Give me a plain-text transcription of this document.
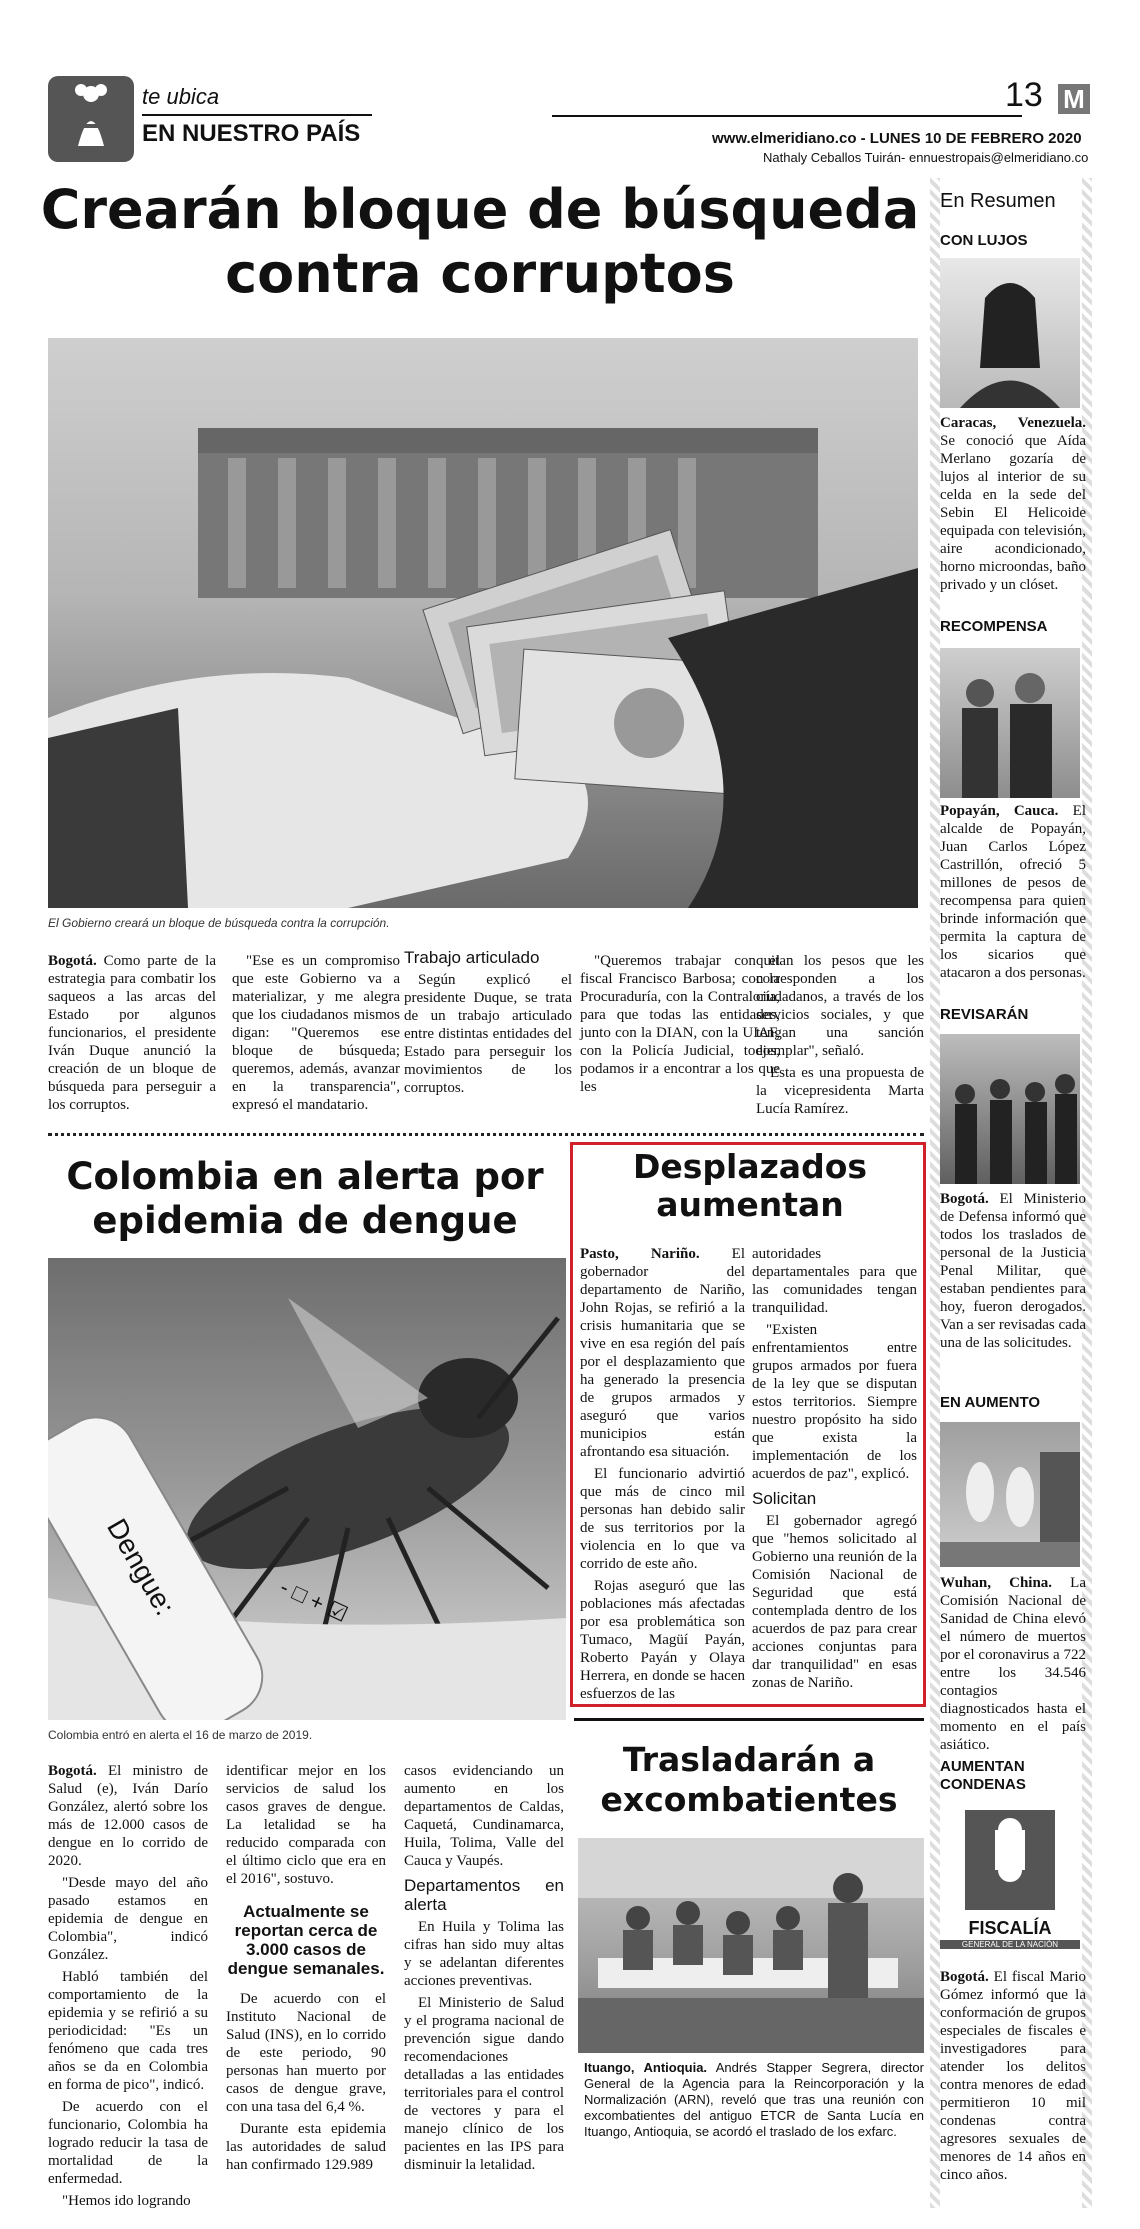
te ubica
EN NUESTRO PAÍS
13 M
www.elmeridiano.co - LUNES 10 DE FEBRERO 2020
Nathaly Ceballos Tuirán- ennuestropais@elmeridiano.co
Crearán bloque de búsqueda contra corruptos
El Gobierno creará un bloque de búsqueda contra la corrupción.

Bogotá. Como parte de la estrategia para combatir los saqueos a las arcas del Estado por algunos funcionarios, el presidente Iván Duque anunció la creación de un bloque de búsqueda para perseguir a los corruptos.

"Ese es un compromiso que este Gobierno va a materializar, y me alegra que los ciudadanos mismos digan: "Queremos ese bloque de búsqueda; queremos, además, avanzar en la transparencia", expresó el mandatario.

Trabajo articulado

Según explicó el presidente Duque, se trata de un trabajo articulado entre distintas entidades del Estado para perseguir los movimientos de los corruptos.

"Queremos trabajar con el fiscal Francisco Barbosa; con la Procuraduría, con la Contraloría, para que todas las entidades, junto con la DIAN, con la UIAF, con la Policía Judicial, todos, podamos ir a encontrar a los que les

quitan los pesos que les corresponden a los ciudadanos, a través de los servicios sociales, y que tengan una sanción ejemplar", señaló.

Esta es una propuesta de la vicepresidenta Marta Lucía Ramírez.

Colombia en alerta por epidemia de dengue
Dengue:	- □ + ☑
Colombia entró en alerta el 16 de marzo de 2019.

Bogotá. El ministro de Salud (e), Iván Darío González, alertó sobre los más de 12.000 casos de dengue en lo corrido de 2020.

"Desde mayo del año pasado estamos en epidemia de dengue en Colombia", indicó González.

Habló también del comportamiento de la epidemia y se refirió a su periodicidad: "Es un fenómeno que cada tres años se da en Colombia en forma de pico", indicó.

De acuerdo con el funcionario, Colombia ha logrado reducir la tasa de mortalidad de la enfermedad.

"Hemos ido logrando

identificar mejor en los servicios de salud los casos graves de dengue. La letalidad se ha reducido comparada con el último ciclo que era en el 2016", sostuvo.

Actualmente se reportan cerca de 3.000 casos de dengue semanales.

De acuerdo con el Instituto Nacional de Salud (INS), en lo corrido de este periodo, 90 personas han muerto por casos de dengue grave, con una tasa del 6,4 %.

Durante esta epidemia las autoridades de salud han confirmado 129.989

casos evidenciando un aumento en los departamentos de Caldas, Caquetá, Cundinamarca, Huila, Tolima, Valle del Cauca y Vaupés.

Departamentos en alerta

En Huila y Tolima las cifras han sido muy altas y se adelantan diferentes acciones preventivas.

El Ministerio de Salud y el programa nacional de prevención sigue dando recomendaciones detalladas a las entidades territoriales para el control de vectores y para el manejo clínico de los pacientes en las IPS para disminuir la letalidad.

Desplazados aumentan

Pasto, Nariño. El gobernador del departamento de Nariño, John Rojas, se refirió a la crisis humanitaria que se vive en esa región del país por el desplazamiento que ha generado la presencia de grupos armados y aseguró que varios municipios están afrontando esa situación.

El funcionario advirtió que más de cinco mil personas han debido salir de sus territorios por la violencia en lo que va corrido de este año.

Rojas aseguró que las poblaciones más afectadas por esa problemática son Tumaco, Magüí Payán, Roberto Payán y Olaya Herrera, en donde se hacen esfuerzos de las

autoridades departamentales para que las comunidades tengan tranquilidad.

"Existen enfrentamientos entre grupos armados por fuera de la ley que se disputan estos territorios. Siempre nuestro propósito ha sido que exista la implementación de los acuerdos de paz", explicó.

Solicitan

El gobernador agregó que "hemos solicitado al Gobierno una reunión de la Comisión Nacional de Seguridad que está contemplada dentro de los acuerdos de paz para crear acciones conjuntas para dar tranquilidad" en esas zonas de Nariño.

Trasladarán a excombatientes
Ituango, Antioquia. Andrés Stapper Segrera, director General de la Agencia para la Reincorporación y la Normalización (ARN), reveló que tras una reunión con excombatientes del antiguo ETCR de Santa Lucía en Ituango, Antioquia, se acordó el traslado de los exfarc.
En Resumen
CON LUJOS
Caracas, Venezuela. Se conoció que Aída Merlano gozaría de lujos al interior de su celda en la sede del Sebin El Helicoide equipada con televisión, aire acondicionado, horno microondas, baño privado y un clóset.
RECOMPENSA
Popayán, Cauca. El alcalde de Popayán, Juan Carlos López Castrillón, ofreció 5 millones de pesos de recompensa para quien brinde información que permita la captura de los sicarios que atacaron a dos personas.
REVISARÁN
Bogotá. El Ministerio de Defensa informó que todos los traslados de personal de la Justicia Penal Militar, que estaban pendientes para hoy, fueron derogados. Van a ser revisadas cada una de las solicitudes.
EN AUMENTO
Wuhan, China. La Comisión Nacional de Sanidad de China elevó el número de muertos por el coronavirus a 722 entre los 34.546 contagios diagnosticados hasta el momento en el país asiático.
AUMENTAN CONDENAS
FISCALÍA
GENERAL DE LA NACIÓN
Bogotá. El fiscal Mario Gómez informó que la conformación de grupos especiales de fiscales e investigadores para atender los delitos contra menores de edad permitieron 10 mil condenas contra agresores sexuales de menores de 14 años en cinco años.
